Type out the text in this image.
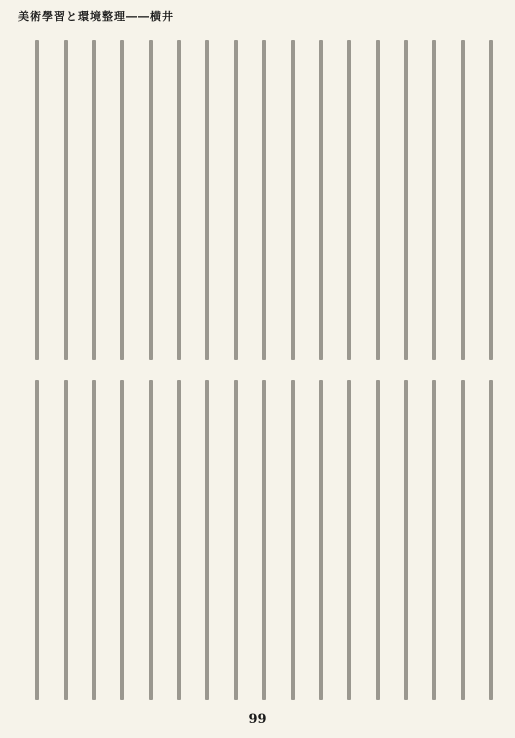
美術學習と環境整理――横井
99
